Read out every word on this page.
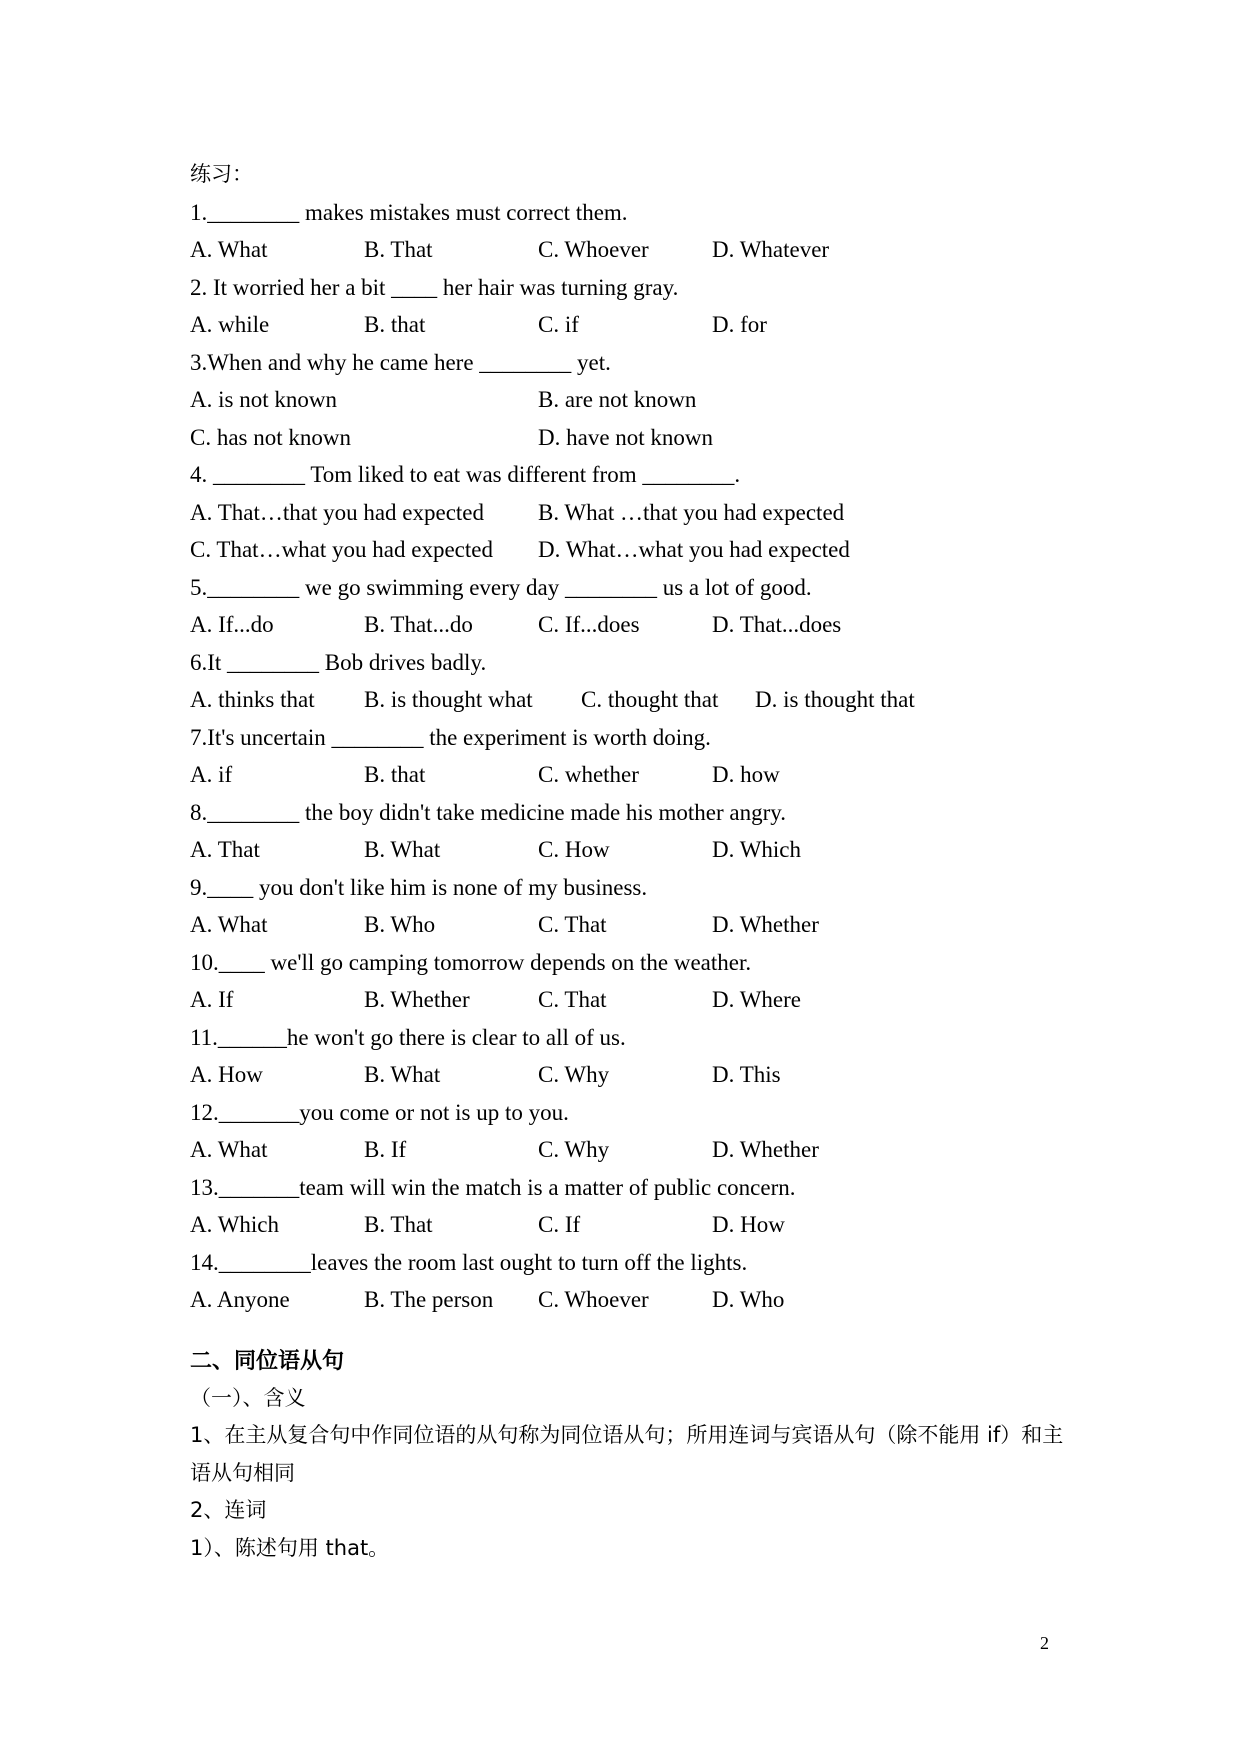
练习：
1.________ makes mistakes must correct them.
A. What	B. That	C. Whoever	D. Whatever
2. It worried her a bit ____ her hair was turning gray.
A. while	B. that	C. if	D. for
3.When and why he came here ________ yet.
A. is not known	B. are not known
C. has not known	D. have not known
4. ________ Tom liked to eat was different from ________.
A. That…that you had expected B. What …that you had expected
C. That…what you had expected D. What…what you had expected
5.________ we go swimming every day ________ us a lot of good.
A. If...do	B. That...do	C. If...does	D. That...does
6.It ________ Bob drives badly.
A. thinks that B. is thought what C. thought that D. is thought that
7.It's uncertain ________ the experiment is worth doing.
A. if	B. that	C. whether	D. how
8.________ the boy didn't take medicine made his mother angry.
A. That	B. What	C. How	D. Which
9.____ you don't like him is none of my business.
A. What	B. Who	C. That	D. Whether
10.____ we'll go camping tomorrow depends on the weather.
A. If	B. Whether	C. That	D. Where
11.______he won't go there is clear to all of us.
A. How	B. What	C. Why	D. This
12._______you come or not is up to you.
A. What	B. If	C. Why	D. Whether
13._______team will win the match is a matter of public concern.
A. Which	B. That	C. If	D. How
14.________leaves the room last ought to turn off the lights.
A. Anyone	B. The person C. Whoever	D. Who
二、同位语从句
（一）、含义
1、在主从复合句中作同位语的从句称为同位语从句；所用连词与宾语从句（除不能用 if）和主语从句相同
2、连词
1）、陈述句用 that。
2
